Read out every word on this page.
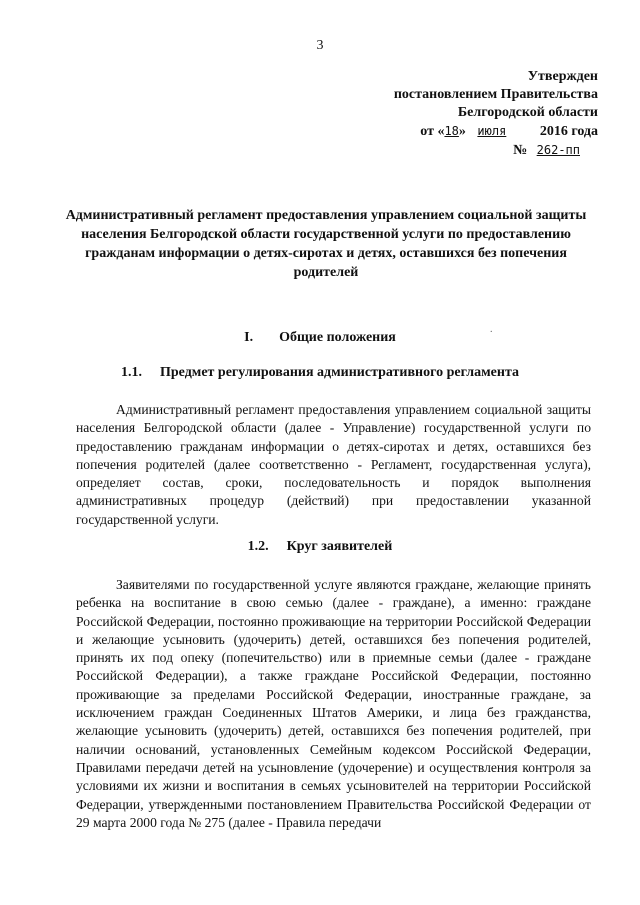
3
Утвержден
постановлением Правительства
Белгородской области
от «18» июля 2016 года
№ 262-пп
Административный регламент предоставления управлением социальной защиты населения Белгородской области государственной услуги по предоставлению гражданам информации о детях-сиротах и детях, оставшихся без попечения родителей
I. Общие положения
.
1.1. Предмет регулирования административного регламента
Административный регламент предоставления управлением социальной защиты населения Белгородской области (далее - Управление) государственной услуги по предоставлению гражданам информации о детях-сиротах и детях, оставшихся без попечения родителей (далее соответственно - Регламент, государственная услуга), определяет состав, сроки, последовательность и порядок выполнения административных процедур (действий) при предоставлении указанной государственной услуги.
1.2. Круг заявителей
Заявителями по государственной услуге являются граждане, желающие принять ребенка на воспитание в свою семью (далее - граждане), а именно: граждане Российской Федерации, постоянно проживающие на территории Российской Федерации и желающие усыновить (удочерить) детей, оставшихся без попечения родителей, принять их под опеку (попечительство) или в приемные семьи (далее - граждане Российской Федерации), а также граждане Российской Федерации, постоянно проживающие за пределами Российской Федерации, иностранные граждане, за исключением граждан Соединенных Штатов Америки, и лица без гражданства, желающие усыновить (удочерить) детей, оставшихся без попечения родителей, при наличии оснований, установленных Семейным кодексом Российской Федерации, Правилами передачи детей на усыновление (удочерение) и осуществления контроля за условиями их жизни и воспитания в семьях усыновителей на территории Российской Федерации, утвержденными постановлением Правительства Российской Федерации от 29 марта 2000 года № 275 (далее - Правила передачи
